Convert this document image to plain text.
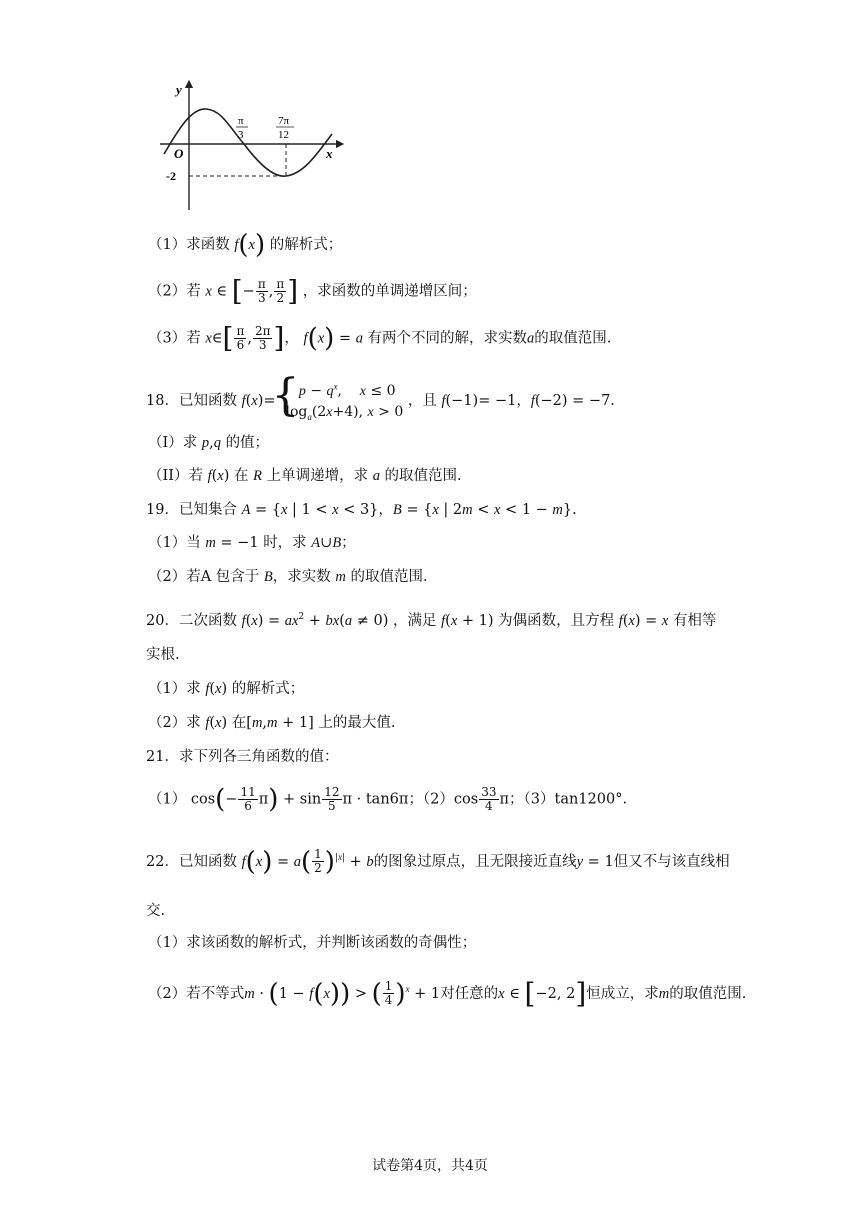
y
x
O
-2
π
3
7π
12
（1）求函数 f(x) 的解析式；
（2）若 x ∈ [− $\frac{\pi}{3}$ , $\frac{\pi}{2}$ ] ，求函数的单调递增区间；
（3）若 x∈[ $\frac{\pi}{6}$ , $\frac{2\pi}{3}$ ]， f(x) = a 有两个不同的解，求实数a的取值范围.
18．已知函数 f(x)={    $p - q^x$,    x ≤ 0
$\log_a(2x+4)$, x > 0 ，且 f(−1)= −1，f(−2) = −7.
（I）求 p,q 的值；
（II）若 f(x) 在 R 上单调递增，求 a 的取值范围.
19．已知集合 A = {x | 1 < x < 3}，B = {x | 2m < x < 1 − m}.
（1）当 m = −1 时，求 A∪B；
（2）若A 包含于 B，求实数 m 的取值范围.
20．二次函数 $f(x) = ax^2 + bx(a \ne 0)$ ，满足 f(x + 1) 为偶函数，且方程 f(x) = x 有相等
实根.
（1）求 f(x) 的解析式；
（2）求 f(x) 在[m,m + 1] 上的最大值.
21．求下列各三角函数的值：
（1） $\cos(- \frac{11}{6} \pi) + \sin \frac{12}{5}$ π · tan6π；$(2)\cos \frac{33}{4}$ π；（3）tan1200°.
22．已知函数 $f(x) = a( \frac{1}{2} )^{|x|} + b$的图象过原点，且无限接近直线y = 1但又不与该直线相
交.
（1）求该函数的解析式，并判断该函数的奇偶性；
（2）若不等式m · (1 − f(x)) > ( $\frac{1}{4} )^x + 1$对任意的x ∈ [−2, 2]恒成立，求m的取值范围.
试卷第4页，共4页
